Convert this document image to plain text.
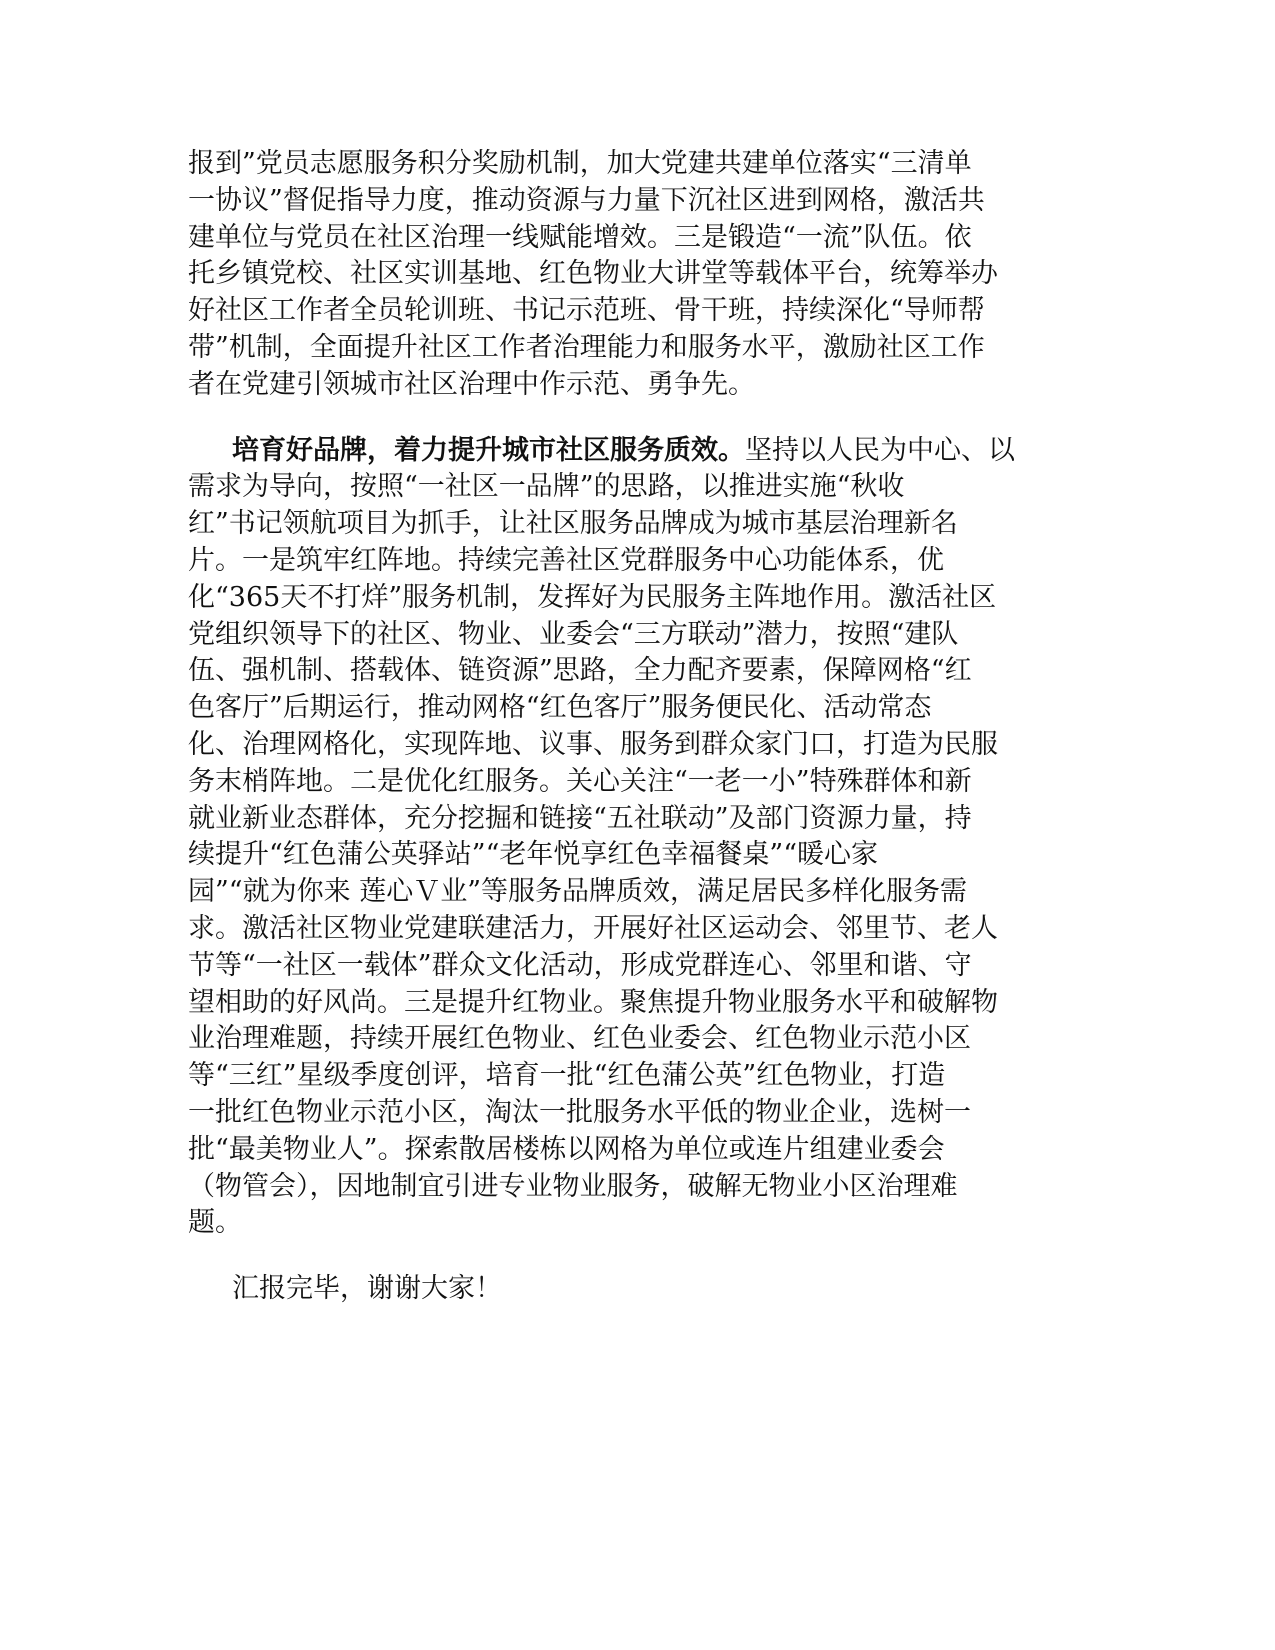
报到”党员志愿服务积分奖励机制，加大党建共建单位落实“三清单
一协议”督促指导力度，推动资源与力量下沉社区进到网格，激活共
建单位与党员在社区治理一线赋能增效。三是锻造“一流”队伍。依
托乡镇党校、社区实训基地、红色物业大讲堂等载体平台，统筹举办
好社区工作者全员轮训班、书记示范班、骨干班，持续深化“导师帮
带”机制，全面提升社区工作者治理能力和服务水平，激励社区工作
者在党建引领城市社区治理中作示范、勇争先。
培育好品牌，着力提升城市社区服务质效。坚持以人民为中心、以
需求为导向，按照“一社区一品牌”的思路，以推进实施“秋收
红”书记领航项目为抓手，让社区服务品牌成为城市基层治理新名
片。一是筑牢红阵地。持续完善社区党群服务中心功能体系，优
化“365天不打烊”服务机制，发挥好为民服务主阵地作用。激活社区
党组织领导下的社区、物业、业委会“三方联动”潜力，按照“建队
伍、强机制、搭载体、链资源”思路，全力配齐要素，保障网格“红
色客厅”后期运行，推动网格“红色客厅”服务便民化、活动常态
化、治理网格化，实现阵地、议事、服务到群众家门口，打造为民服
务末梢阵地。二是优化红服务。关心关注“一老一小”特殊群体和新
就业新业态群体，充分挖掘和链接“五社联动”及部门资源力量，持
续提升“红色蒲公英驿站”“老年悦享红色幸福餐桌”“暖心家
园”“就为你来 莲心Ｖ业”等服务品牌质效，满足居民多样化服务需
求。激活社区物业党建联建活力，开展好社区运动会、邻里节、老人
节等“一社区一载体”群众文化活动，形成党群连心、邻里和谐、守
望相助的好风尚。三是提升红物业。聚焦提升物业服务水平和破解物
业治理难题，持续开展红色物业、红色业委会、红色物业示范小区
等“三红”星级季度创评，培育一批“红色蒲公英”红色物业，打造
一批红色物业示范小区，淘汰一批服务水平低的物业企业，选树一
批“最美物业人”。探索散居楼栋以网格为单位或连片组建业委会
（物管会），因地制宜引进专业物业服务，破解无物业小区治理难
题。
汇报完毕，谢谢大家！
